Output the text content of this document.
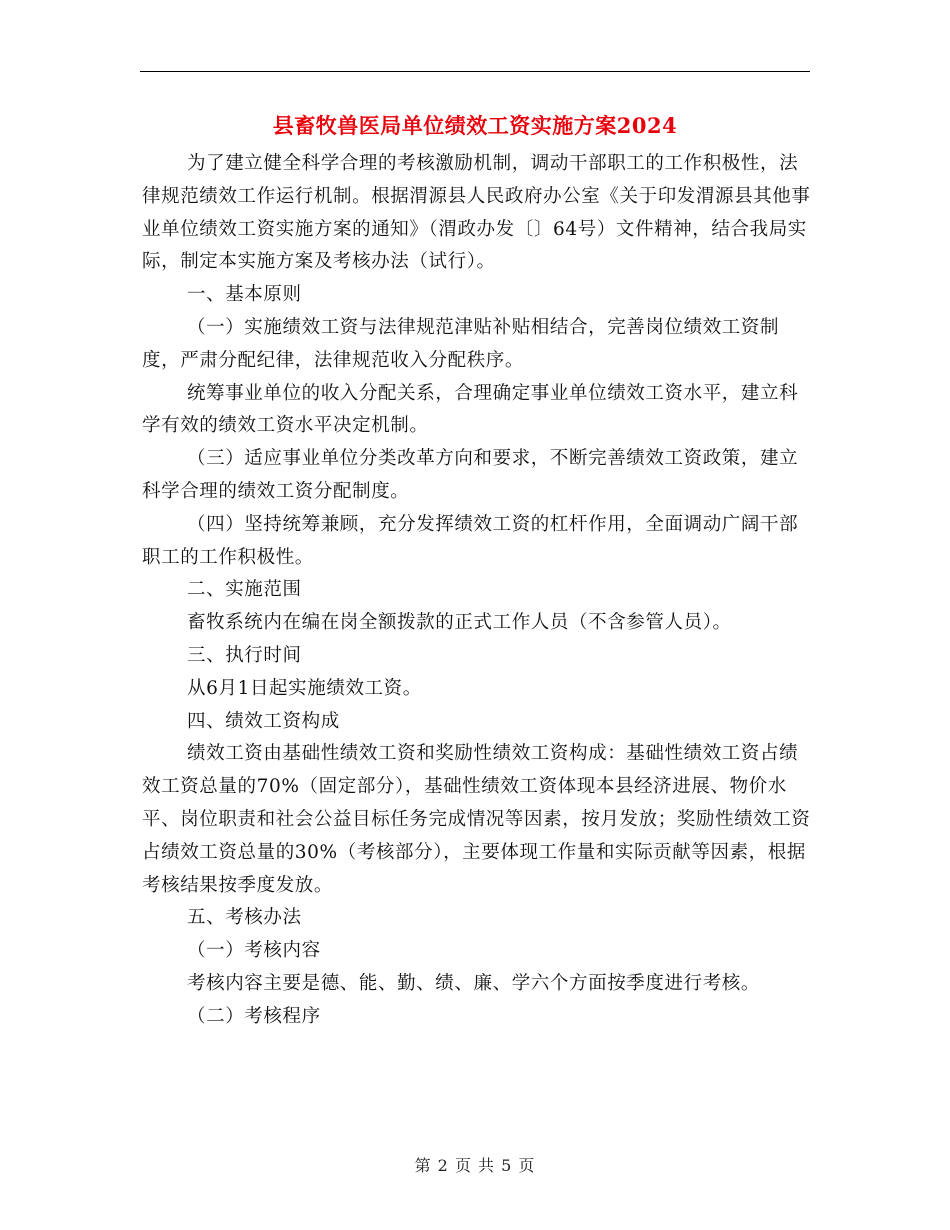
县畜牧兽医局单位绩效工资实施方案2024

为了建立健全科学合理的考核激励机制，调动干部职工的工作积极性，法律规范绩效工作运行机制。根据渭源县人民政府办公室《关于印发渭源县其他事业单位绩效工资实施方案的通知》（渭政办发〔〕64号）文件精神，结合我局实际，制定本实施方案及考核办法（试行）。

一、基本原则

（一）实施绩效工资与法律规范津贴补贴相结合，完善岗位绩效工资制度，严肃分配纪律，法律规范收入分配秩序。

统筹事业单位的收入分配关系，合理确定事业单位绩效工资水平，建立科学有效的绩效工资水平决定机制。

（三）适应事业单位分类改革方向和要求，不断完善绩效工资政策，建立科学合理的绩效工资分配制度。

（四）坚持统筹兼顾，充分发挥绩效工资的杠杆作用，全面调动广阔干部职工的工作积极性。

二、实施范围

畜牧系统内在编在岗全额拨款的正式工作人员（不含参管人员）。

三、执行时间

从6月1日起实施绩效工资。

四、绩效工资构成

绩效工资由基础性绩效工资和奖励性绩效工资构成：基础性绩效工资占绩效工资总量的70%（固定部分），基础性绩效工资体现本县经济进展、物价水平、岗位职责和社会公益目标任务完成情况等因素，按月发放；奖励性绩效工资占绩效工资总量的30%（考核部分），主要体现工作量和实际贡献等因素，根据考核结果按季度发放。

五、考核办法

（一）考核内容

考核内容主要是德、能、勤、绩、廉、学六个方面按季度进行考核。

（二）考核程序

第 2 页 共 5 页
